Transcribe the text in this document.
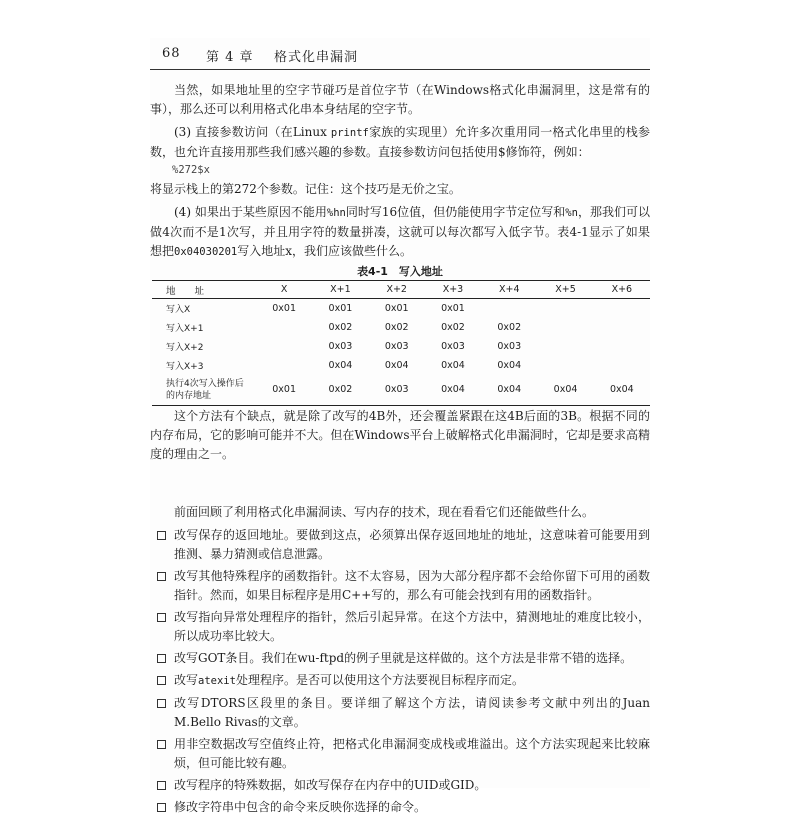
68 第 4 章 格式化串漏洞

当然，如果地址里的空字节碰巧是首位字节（在Windows格式化串漏洞里，这是常有的事），那么还可以利用格式化串本身结尾的空字节。

(3) 直接参数访问（在Linux printf家族的实现里）允许多次重用同一格式化串里的栈参数，也允许直接用那些我们感兴趣的参数。直接参数访问包括使用$修饰符，例如：

%272$x

将显示栈上的第272个参数。记住：这个技巧是无价之宝。

(4) 如果出于某些原因不能用%hn同时写16位值，但仍能使用字节定位写和%n，那我们可以做4次而不是1次写，并且用字符的数量拼凑，这就可以每次都写入低字节。表4-1显示了如果想把0x04030201写入地址x，我们应该做些什么。

表4-1　写入地址

地　　址	X	X+1	X+2	X+3	X+4	X+5	X+6
写入X	0x01	0x01	0x01	0x01			
写入X+1		0x02	0x02	0x02	0x02		
写入X+2		0x03	0x03	0x03	0x03		
写入X+3		0x04	0x04	0x04	0x04		
执行4次写入操作后
的内存地址	0x01	0x02	0x03	0x04	0x04	0x04	0x04

这个方法有个缺点，就是除了改写的4B外，还会覆盖紧跟在这4B后面的3B。根据不同的内存布局，它的影响可能并不大。但在Windows平台上破解格式化串漏洞时，它却是要求高精度的理由之一。

前面回顾了利用格式化串漏洞读、写内存的技术，现在看看它们还能做些什么。

改写保存的返回地址。要做到这点，必须算出保存返回地址的地址，这意味着可能要用到推测、暴力猜测或信息泄露。
改写其他特殊程序的函数指针。这不太容易，因为大部分程序都不会给你留下可用的函数指针。然而，如果目标程序是用C++写的，那么有可能会找到有用的函数指针。
改写指向异常处理程序的指针，然后引起异常。在这个方法中，猜测地址的难度比较小，所以成功率比较大。
改写GOT条目。我们在wu-ftpd的例子里就是这样做的。这个方法是非常不错的选择。
改写atexit处理程序。是否可以使用这个方法要视目标程序而定。
改写DTORS区段里的条目。要详细了解这个方法，请阅读参考文献中列出的Juan M.Bello Rivas的文章。
用非空数据改写空值终止符，把格式化串漏洞变成栈或堆溢出。这个方法实现起来比较麻烦，但可能比较有趣。
改写程序的特殊数据，如改写保存在内存中的UID或GID。
修改字符串中包含的命令来反映你选择的命令。
